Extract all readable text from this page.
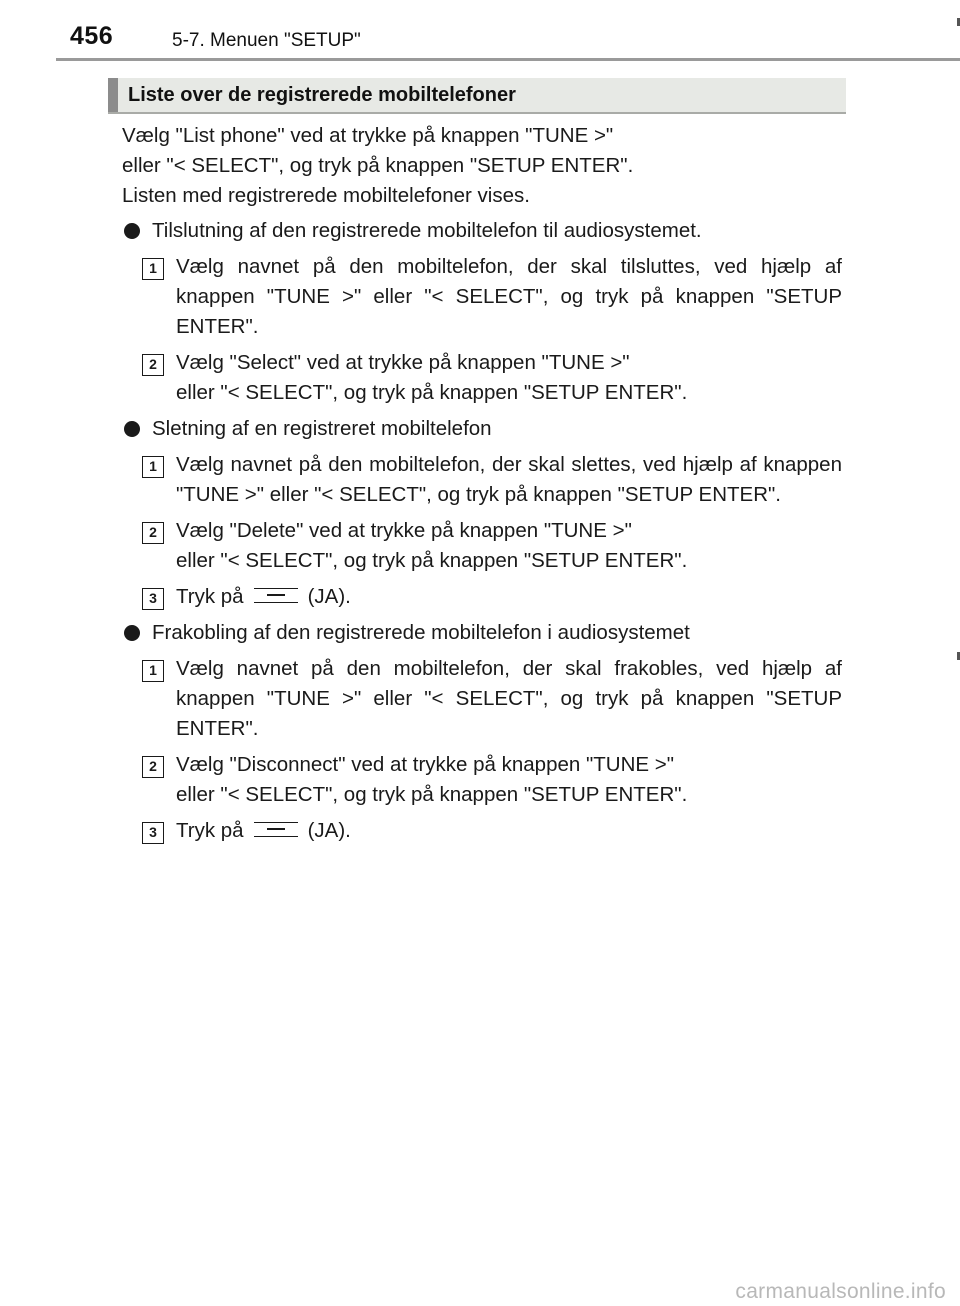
456	5-7. Menuen "SETUP"
Liste over de registrerede mobiltelefoner
Vælg "List phone" ved at trykke på knappen "TUNE >"
eller "< SELECT", og tryk på knappen "SETUP ENTER".
Listen med registrerede mobiltelefoner vises.
Tilslutning af den registrerede mobiltelefon til audiosystemet.
1 Vælg navnet på den mobiltelefon, der skal tilsluttes, ved hjælp af knappen "TUNE >" eller "< SELECT", og tryk på knappen "SETUP ENTER".
2 Vælg "Select" ved at trykke på knappen "TUNE >"
eller "< SELECT", og tryk på knappen "SETUP ENTER".
Sletning af en registreret mobiltelefon
1 Vælg navnet på den mobiltelefon, der skal slettes, ved hjælp af knappen "TUNE >" eller "< SELECT", og tryk på knappen "SETUP ENTER".
2 Vælg "Delete" ved at trykke på knappen "TUNE >"
eller "< SELECT", og tryk på knappen "SETUP ENTER".
3 Tryk på	(JA).
Frakobling af den registrerede mobiltelefon i audiosystemet
1 Vælg navnet på den mobiltelefon, der skal frakobles, ved hjælp af knappen "TUNE >" eller "< SELECT", og tryk på knappen "SETUP ENTER".
2 Vælg "Disconnect" ved at trykke på knappen "TUNE >"
eller "< SELECT", og tryk på knappen "SETUP ENTER".
3 Tryk på	(JA).
carmanualsonline.info
